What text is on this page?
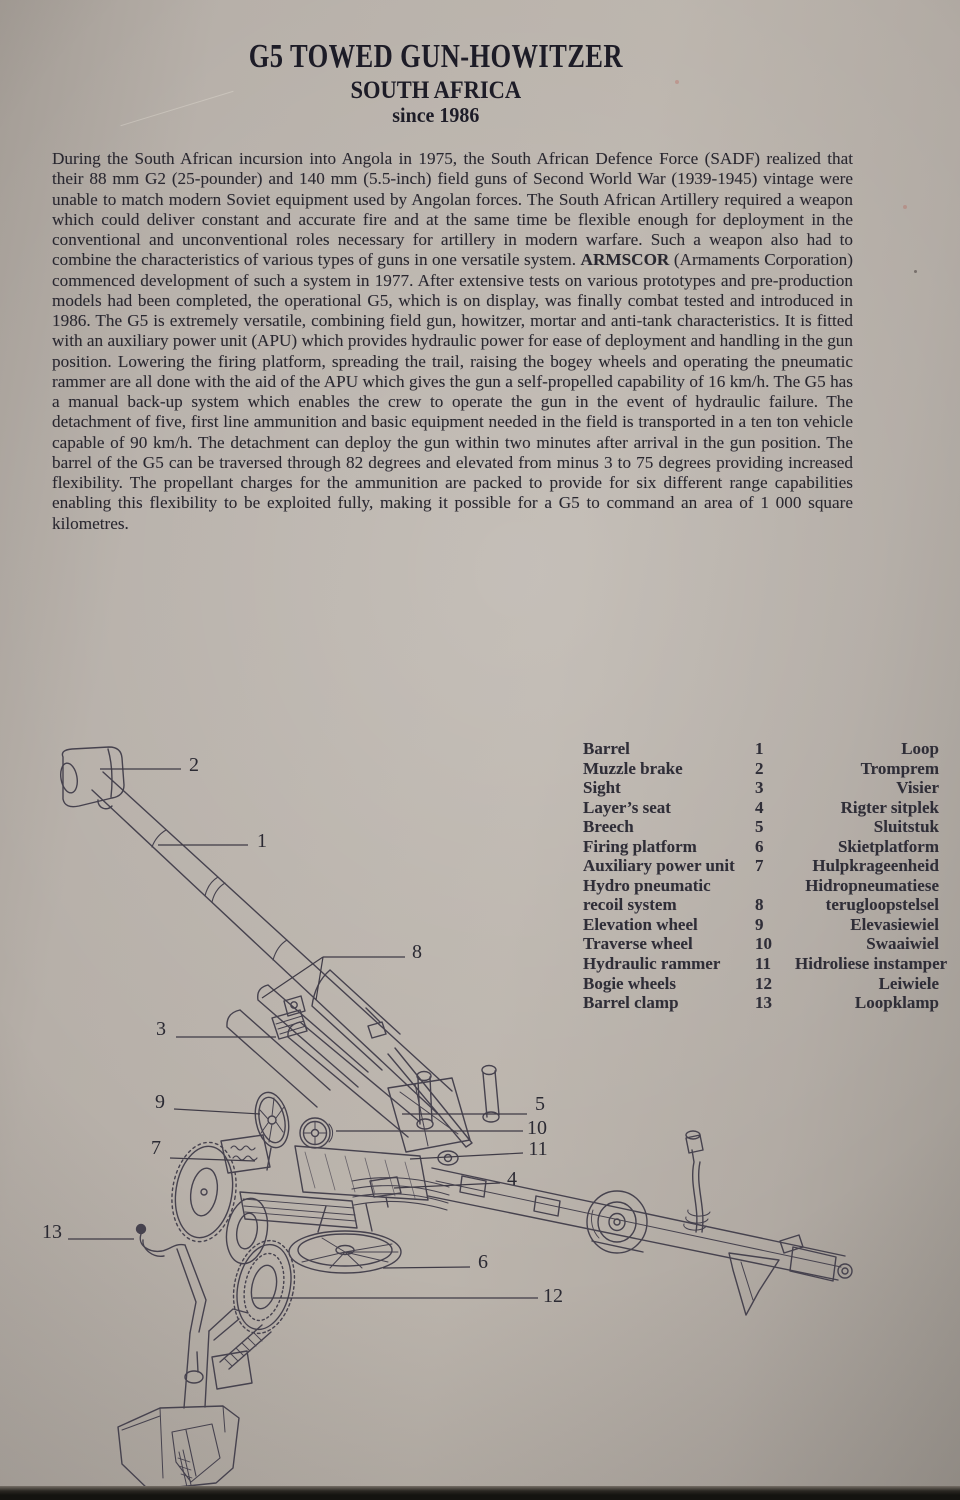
G5 TOWED GUN-HOWITZER
SOUTH AFRICA
since 1986

During the South African incursion into Angola in 1975, the South African Defence Force (SADF) realized that their 88 mm G2 (25-pounder) and 140 mm (5.5-inch) field guns of Second World War (1939-1945) vintage were unable to match modern Soviet equipment used by Angolan forces. The South African Artillery required a weapon which could deliver constant and accurate fire and at the same time be flexible enough for deployment in the conventional and unconventional roles necessary for artillery in modern warfare. Such a weapon also had to combine the characteristics of various types of guns in one versatile system. ARMSCOR (Armaments Corporation) commenced development of such a system in 1977. After extensive tests on various prototypes and pre-production models had been completed, the operational G5, which is on display, was finally combat tested and introduced in 1986. The G5 is extremely versatile, combining field gun, howitzer, mortar and anti-tank characteristics. It is fitted with an auxiliary power unit (APU) which provides hydraulic power for ease of deployment and handling in the gun position. Lowering the firing platform, spreading the trail, raising the bogey wheels and operating the pneumatic rammer are all done with the aid of the APU which gives the gun a self-propelled capability of 16 km/h. The G5 has a manual back-up system which enables the crew to operate the gun in the event of hydraulic failure. The detachment of five, first line ammunition and basic equipment needed in the field is transported in a ten ton vehicle capable of 90 km/h. The detachment can deploy the gun within two minutes after arrival in the gun position. The barrel of the G5 can be traversed through 82 degrees and elevated from minus 3 to 75 degrees providing increased flexibility. The propellant charges for the ammunition are packed to provide for six different range capabilities enabling this flexibility to be exploited fully, making it possible for a G5 to command an area of 1 000 square kilometres.

Barrel	1	Loop
Muzzle brake	2	Tromprem
Sight	3	Visier
Layer’s seat	4	Rigter sitplek
Breech	5	Sluitstuk
Firing platform	6	Skietplatform
Auxiliary power unit	7	Hulpkrageenheid
Hydro pneumatic	Hidropneumatiese
recoil system	8	terugloopstelsel
Elevation wheel	9	Elevasiewiel
Traverse wheel	10	Swaaiwiel
Hydraulic rammer	11	Hidroliese instamper
Bogie wheels	12	Leiwiele
Barrel clamp	13	Loopklamp
1
2
3
4
5
6
7
8
9
10
11
12
13
